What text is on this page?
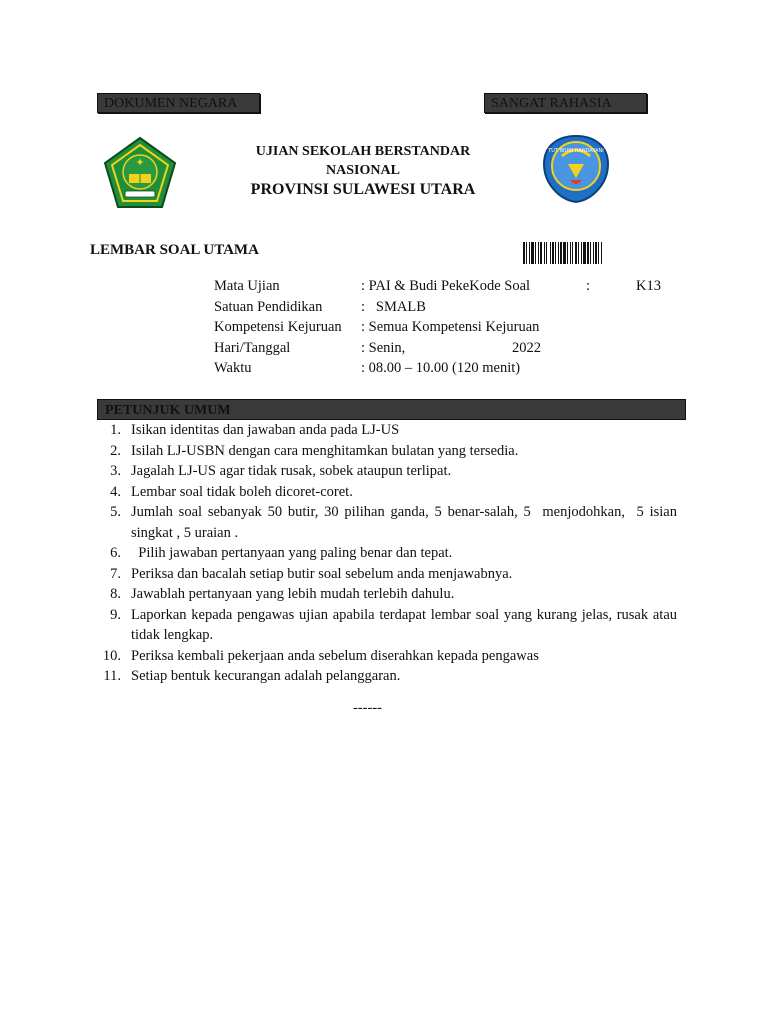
DOKUMEN NEGARA	SANGAT RAHASIA
✦
TUT WURI HANDAYANI
UJIAN SEKOLAH BERSTANDAR
NASIONAL
PROVINSI SULAWESI UTARA
LEMBAR SOAL UTAMA
Mata Ujian	: PAI & Budi PekeKode Soal	:	K13
Satuan Pendidikan	:   SMALB
Kompetensi Kejuruan : Semua Kompetensi Kejuruan
Hari/Tanggal	: Senin,	2022
Waktu	: 08.00 – 10.00 (120 menit)
PETUNJUK UMUM
1. Isikan identitas dan jawaban anda pada LJ-US
2. Isilah LJ-USBN dengan cara menghitamkan bulatan yang tersedia.
3. Jagalah LJ-US agar tidak rusak, sobek ataupun terlipat.
4. Lembar soal tidak boleh dicoret-coret.
5. Jumlah soal sebanyak 50 butir, 30 pilihan ganda, 5 benar-salah, 5  menjodohkan,  5 isian singkat , 5 uraian .
6. Pilih jawaban pertanyaan yang paling benar dan tepat.
7. Periksa dan bacalah setiap butir soal sebelum anda menjawabnya.
8. Jawablah pertanyaan yang lebih mudah terlebih dahulu.
9. Laporkan kepada pengawas ujian apabila terdapat lembar soal yang kurang jelas, rusak atau tidak lengkap.
10. Periksa kembali pekerjaan anda sebelum diserahkan kepada pengawas
11. Setiap bentuk kecurangan adalah pelanggaran.
------
